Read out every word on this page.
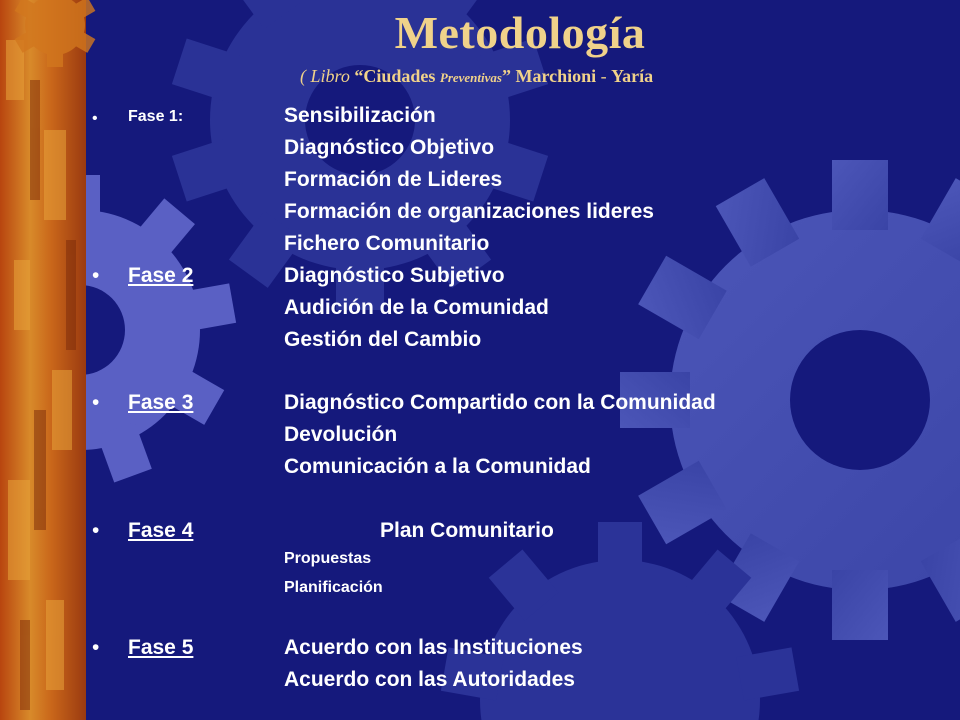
Metodología
( Libro “Ciudades Preventivas” Marchioni - Yaría
• Fase 1:	Sensibilización
Diagnóstico Objetivo
Formación de Lideres
Formación de organizaciones lideres
Fichero Comunitario
• Fase 2	Diagnóstico Subjetivo
Audición de la Comunidad
Gestión del Cambio
• Fase 3	Diagnóstico Compartido con la Comunidad
Devolución
Comunicación a la Comunidad
• Fase 4	Plan Comunitario
Propuestas
Planificación
• Fase 5	Acuerdo con las Instituciones
Acuerdo con las Autoridades
